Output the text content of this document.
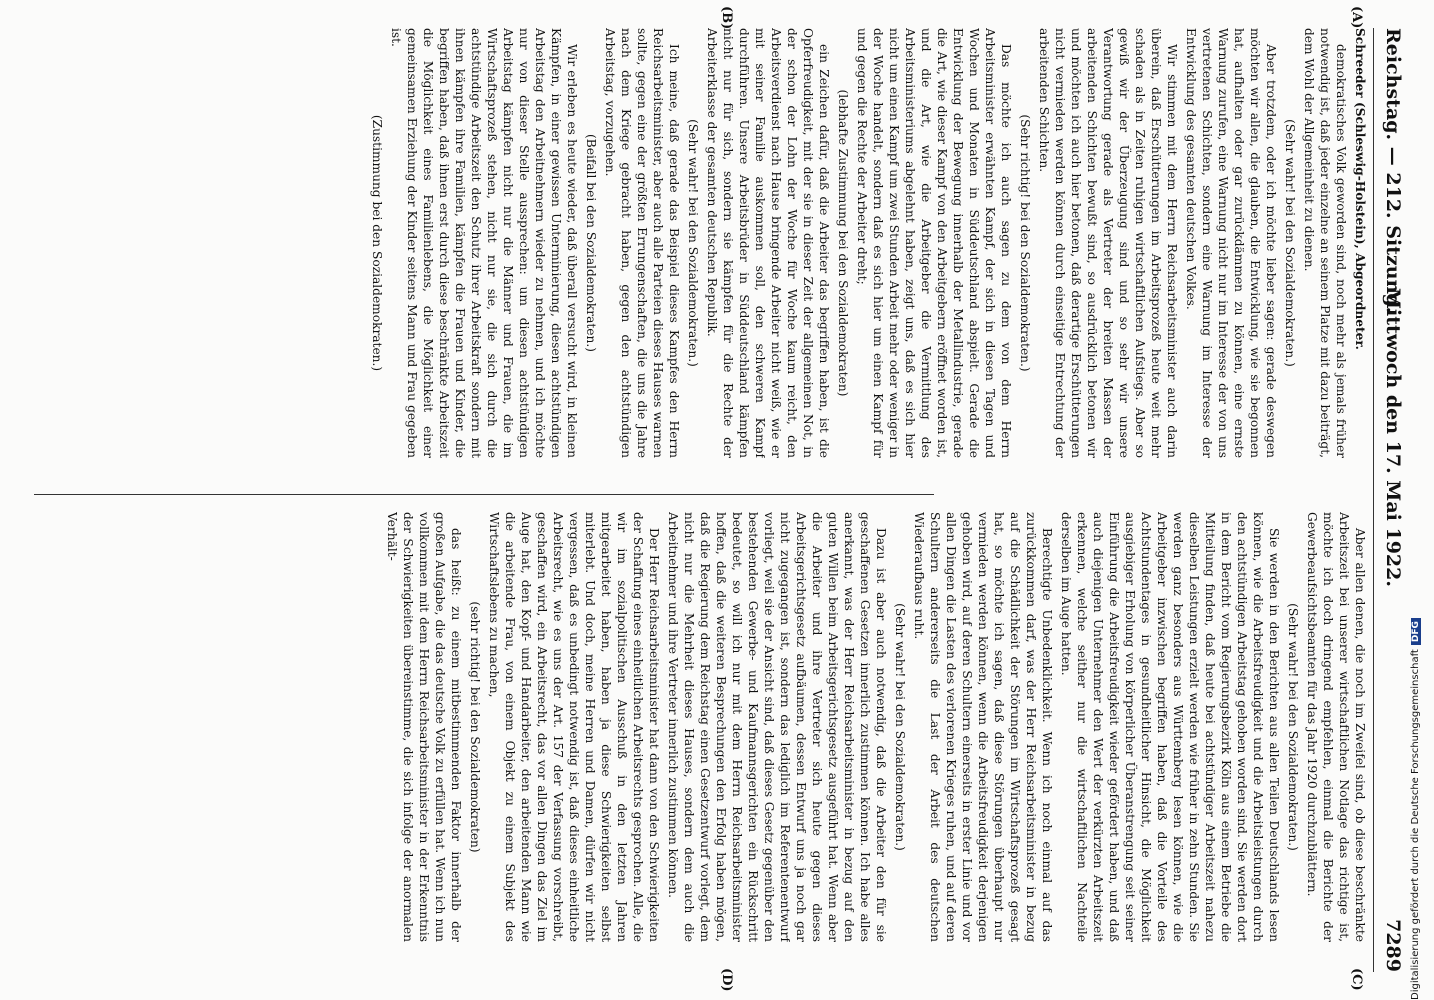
Reichstag. — 212. Sitzung.
Mittwoch den 17. Mai 1922.
7289
(A)
(B)
(C)
(D)

Schreeder (Schleswig-Holstein), Abgeordneter.

demokratisches Volk geworden sind, noch mehr als jemals früher notwendig ist, daß jeder einzelne an seinem Platze mit dazu beiträgt, dem Wohl der Allgemeinheit zu dienen.

(Sehr wahr! bei den Sozialdemokraten.)

Aber trotzdem, oder ich möchte lieber sagen: gerade deswegen möchten wir allen, die glauben, die Entwicklung, wie sie begonnen hat, aufhalten oder gar zurückdämmen zu können, eine ernste Warnung zurufen, eine Warnung nicht nur im Interesse der von uns vertretenen Schichten, sondern eine Warnung im Interesse der Entwicklung des gesamten deutschen Volkes.

Wir stimmen mit dem Herrn Reichsarbeitsminister auch darin überein, daß Erschütterungen im Arbeitsprozeß heute weit mehr schaden als in Zeiten ruhigen wirtschaftlichen Aufstiegs. Aber so gewiß wir der Überzeugung sind und so sehr wir unsere Verantwortung gerade als Vertreter der breiten Massen der arbeitenden Schichten bewußt sind, so ausdrücklich betonen wir und möchten ich auch hier betonen, daß derartige Erschütterungen nicht vermieden werden können durch einseitige Entrechtung der arbeitenden Schichten.

(Sehr richtig! bei den Sozialdemokraten.)

Das möchte ich auch sagen zu dem von dem Herrn Arbeitsminister erwähnten Kampf, der sich in diesen Tagen und Wochen und Monaten in Süddeutschland abspielt. Gerade die Entwicklung der Bewegung innerhalb der Metallindustrie, gerade die Art, wie dieser Kampf von den Arbeitgebern eröffnet worden ist, und die Art, wie die Arbeitgeber die Vermittlung des Arbeitsministeriums abgelehnt haben, zeigt uns, daß es sich hier nicht um einen Kampf um zwei Stunden Arbeit mehr oder weniger in der Woche handelt, sondern daß es sich hier um einen Kampf für und gegen die Rechte der Arbeiter dreht;

(lebhafte Zustimmung bei den Sozialdemokraten)

ein Zeichen dafür, daß die Arbeiter das begriffen haben, ist die Opferfreudigkeit, mit der sie in dieser Zeit der allgemeinen Not, in der schon der Lohn der Woche für Woche kaum reicht, den Arbeitsverdienst nach Hause bringende Arbeiter nicht weiß, wie er mit seiner Familie auskommen soll, den schweren Kampf durchführen. Unsere Arbeitsbrüder in Süddeutschland kämpfen nicht nur für sich, sondern sie kämpfen für die Rechte der Arbeiterklasse der gesamten deutschen Republik.

(Sehr wahr! bei den Sozialdemokraten.)

Ich meine, daß gerade das Beispiel dieses Kampfes den Herrn Reichsarbeitsminister, aber auch alle Parteien dieses Hauses warnen sollte, gegen eine der größten Errungenschaften, die uns die Jahre nach dem Kriege gebracht haben, gegen den achtstündigen Arbeitstag, vorzugehen.

(Beifall bei den Sozialdemokraten.)

Wir erleben es heute wieder, daß überall versucht wird, in kleinen Kämpfen, in einer gewissen Unterminierung, diesen achtstündigen Arbeitstag den Arbeitnehmern wieder zu nehmen, und ich möchte nur von dieser Stelle aussprechen: um diesen achtstündigen Arbeitstag kämpfen nicht nur die Männer und Frauen, die im Wirtschaftsprozeß stehen, nicht nur sie, die sich durch die achtstündige Arbeitszeit den Schutz ihrer Arbeitskraft sondern mit ihnen kämpfen ihre Familien, kämpfen die Frauen und Kinder, die begriffen haben, daß ihnen erst durch diese beschränkte Arbeitszeit die Möglichkeit eines Familienlebens, die Möglichkeit einer gemeinsamen Erziehung der Kinder seitens Mann und Frau gegeben ist.

(Zustimmung bei den Sozialdemokraten.)

Aber allen denen, die noch im Zweifel sind, ob diese beschränkte Arbeitszeit bei unserer wirtschaftlichen Notlage das richtige ist, möchte ich doch dringend empfehlen, einmal die Berichte der Gewerbeaufsichtsbeamten für das Jahr 1920 durchzublättern.

(Sehr wahr! bei den Sozialdemokraten.)

Sie werden in den Berichten aus allen Teilen Deutschlands lesen können, wie die Arbeitsfreudigkeit und die Arbeitsleistungen durch den achtstündigen Arbeitstag gehoben worden sind. Sie werden dort in dem Bericht vom Regierungsbezirk Köln aus einem Betriebe die Mitteilung finden, daß heute bei achtstündiger Arbeitszeit nahezu dieselben Leistungen erzielt werden wie früher in zehn Stunden. Sie werden ganz besonders aus Württemberg lesen können, wie die Arbeitgeber inzwischen begriffen haben, daß die Vorteile des Achtstundentages in gesundheitlicher Hinsicht, die Möglichkeit ausgiebiger Erholung von körperlicher Überanstrengung seit seiner Einführung die Arbeitsfreudigkeit wieder gefördert haben, und daß auch diejenigen Unternehmer den Wert der verkürzten Arbeitszeit erkennen, welche seither nur die wirtschaftlichen Nachteile derselben im Auge hatten.

Berechtigte Unbedenklichkeit. Wenn ich noch einmal auf das zurückkommen darf, was der Herr Reichsarbeitsminister in bezug auf die Schädlichkeit der Störungen im Wirtschaftsprozeß gesagt hat, so möchte ich sagen, daß diese Störungen überhaupt nur vermieden werden können, wenn die Arbeitsfreudigkeit derjenigen gehoben wird, auf deren Schultern einerseits in erster Linie und vor allen Dingen die Lasten des verlorenen Krieges ruhen, und auf deren Schultern andererseits die Last der Arbeit des deutschen Wiederaufbaus ruht.

(Sehr wahr! bei den Sozialdemokraten.)

Dazu ist aber auch notwendig, daß die Arbeiter den für sie geschaffenen Gesetzen innerlich zustimmen können. Ich habe alles anerkannt, was der Herr Reichsarbeitsminister in bezug auf den guten Willen beim Arbeitsgerichtsgesetz ausgeführt hat. Wenn aber die Arbeiter und ihre Vertreter sich heute gegen dieses Arbeitsgerichtsgesetz aufbäumen, dessen Entwurf uns ja noch gar nicht zugegangen ist, sondern das lediglich im Referentenentwurf vorliegt, weil sie der Ansicht sind, daß dieses Gesetz gegenüber den bestehenden Gewerbe- und Kaufmannsgerichten ein Rückschritt bedeutet, so will ich nur mit dem Herrn Reichsarbeitsminister hoffen, daß die weiteren Besprechungen den Erfolg haben mögen, daß die Regierung dem Reichstag einen Gesetzentwurf vorlegt, dem nicht nur die Mehrheit dieses Hauses, sondern dem auch die Arbeitnehmer und ihre Vertreter innerlich zustimmen können.

Der Herr Reichsarbeitsminister hat dann von den Schwierigkeiten der Schaffung eines einheitlichen Arbeitsrechts gesprochen. Alle, die wir im sozialpolitischen Ausschuß in den letzten Jahren mitgearbeitet haben, haben ja diese Schwierigkeiten selbst miterlebt. Und doch, meine Herren und Damen, dürfen wir nicht vergessen, daß es unbedingt notwendig ist, daß dieses einheitliche Arbeitsrecht, wie es uns der Art. 157 der Verfassung vorschreibt, geschaffen wird, ein Arbeitsrecht, das vor allen Dingen das Ziel im Auge hat, den Kopf- und Handarbeiter, den arbeitenden Mann wie die arbeitende Frau, von einem Objekt zu einem Subjekt des Wirtschaftslebens zu machen,

(sehr richtig! bei den Sozialdemokraten)

das heißt: zu einem mitbestimmenden Faktor innerhalb der großen Aufgabe, die das deutsche Volk zu erfüllen hat. Wenn ich nun vollkommen mit dem Herrn Reichsarbeitsminister in der Erkenntnis der Schwierigkeiten übereinstimme, die sich infolge der anormalen Verhält-

Digitalisierung gefördert durch die Deutsche ForschungsgemeinschaftDFG
